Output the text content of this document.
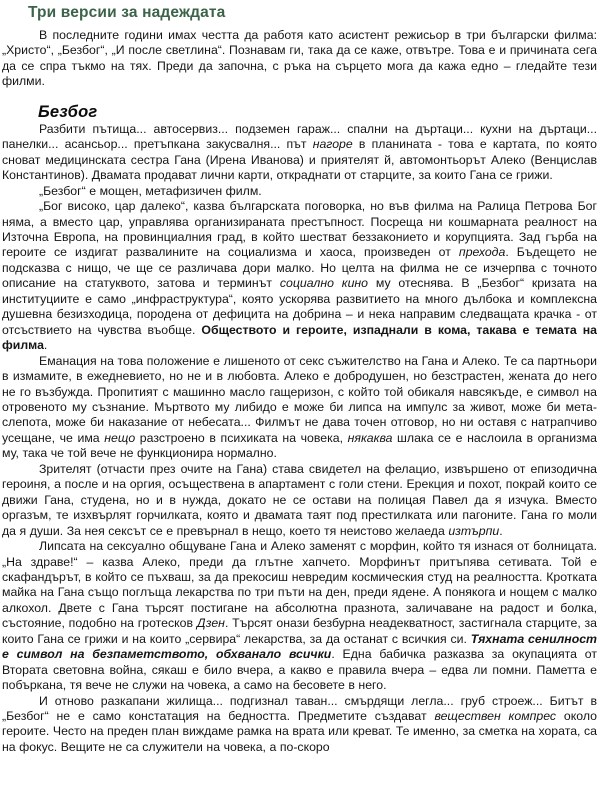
Три версии за надеждата

В последните години имах честта да работя като асистент режисьор в три български филма: „Христо“, „Безбог“, „И после светлина“. Познавам ги, така да се каже, отвътре. Това е и причината сега да се спра тъкмо на тях. Преди да започна, с ръка на сърцето мога да кажа едно – гледайте тези филми.

Безбог

Разбити пътища... автосервиз... подземен гараж... спални на дъртаци... кухни на дъртаци... панелки... асансьор... претъпкана закусвалня... път нагоре в планината - това е картата, по която сноват медицинската сестра Гана (Ирена Иванова) и приятелят й, автомонтьорът Алеко (Венцислав Константинов). Двамата продават лични карти, откраднати от старците, за които Гана се грижи.

„Безбог“ е мощен, метафизичен филм.

„Бог високо, цар далеко“, казва българската поговорка, но във филма на Ралица Петрова Бог няма, а вместо цар, управлява организираната престъпност. Посреща ни кошмарната реалност на Източна Европа, на провинциалния град, в който шестват беззаконието и корупцията. Зад гърба на героите се издигат развалините на социализма и хаоса, произведен от прехода. Бъдещето не подсказва с нищо, че ще се различава дори малко. Но целта на филма не се изчерпва с точното описание на статуквото, затова и терминът социално кино му отеснява. В „Безбог“ кризата на институциите е само „инфраструктура“, която ускорява развитието на много дълбока и комплексна душевна безизходица, породена от дефицита на добрина – и нека направим следващата крачка - от отсъствието на чувства въобще. Обществото и героите, изпаднали в кома, такава е темата на филма.

Еманация на това положение е лишеното от секс съжителство на Гана и Алеко. Те са партньори в измамите, в ежедневието, но не и в любовта. Алеко е добродушен, но безстрастен, жената до него не го възбужда. Пропитият с машинно масло гащеризон, с който той обикаля навсякъде, е символ на отровеното му съзнание. Мъртвото му либидо е може би липса на импулс за живот, може би мета-слепота, може би наказание от небесата... Филмът не дава точен отговор, но ни оставя с натрапчиво усещане, че има нещо разстроено в психиката на човека, някаква шлака се е наслоила в организма му, така че той вече не функционира нормално.

Зрителят (отчасти през очите на Гана) става свидетел на фелацио, извършено от епизодична героиня, а после и на оргия, осъществена в апартамент с голи стени. Ерекция и похот, покрай които се движи Гана, студена, но и в нужда, докато не се остави на полицая Павел да я изчука. Вместо оргазъм, те изхвърлят горчилката, която и двамата таят под престилката или пагоните. Гана го моли да я души. За нея сексът се е превърнал в нещо, което тя неистово желаеда изтърпи.

Липсата на сексуално общуване Гана и Алеко заменят с морфин, който тя изнася от болницата. „На здраве!“ – казва Алеко, преди да глътне хапчето. Морфинът притъпява сетивата. Той е скафандърът, в който се пъхваш, за да прекосиш невредим космическия студ на реалността. Кротката майка на Гана също поглъща лекарства по три пъти на ден, преди ядене. А понякога и нощем с малко алкохол. Двете с Гана търсят постигане на абсолютна празнота, заличаване на радост и болка, състояние, подобно на гротесков Дзен. Търсят онази безбурна неадекватност, застигнала старците, за които Гана се грижи и на които „сервира“ лекарства, за да останат с всичкия си. Тяхната сенилност е символ на безпаметството, обхванало всички. Една бабичка разказва за окупацията от Втората световна война, сякаш е било вчера, а какво е правила вчера – едва ли помни. Паметта е побъркана, тя вече не служи на човека, а само на бесовете в него.

И отново разкапани жилища... подгизнал таван... смърдящи легла... груб строеж... Битът в „Безбог“ не е само констатация на бедността. Предметите създават веществен компрес около героите. Често на преден план виждаме рамка на врата или креват. Те именно, за сметка на хората, са на фокус. Вещите не са служители на човека, а по-скоро
